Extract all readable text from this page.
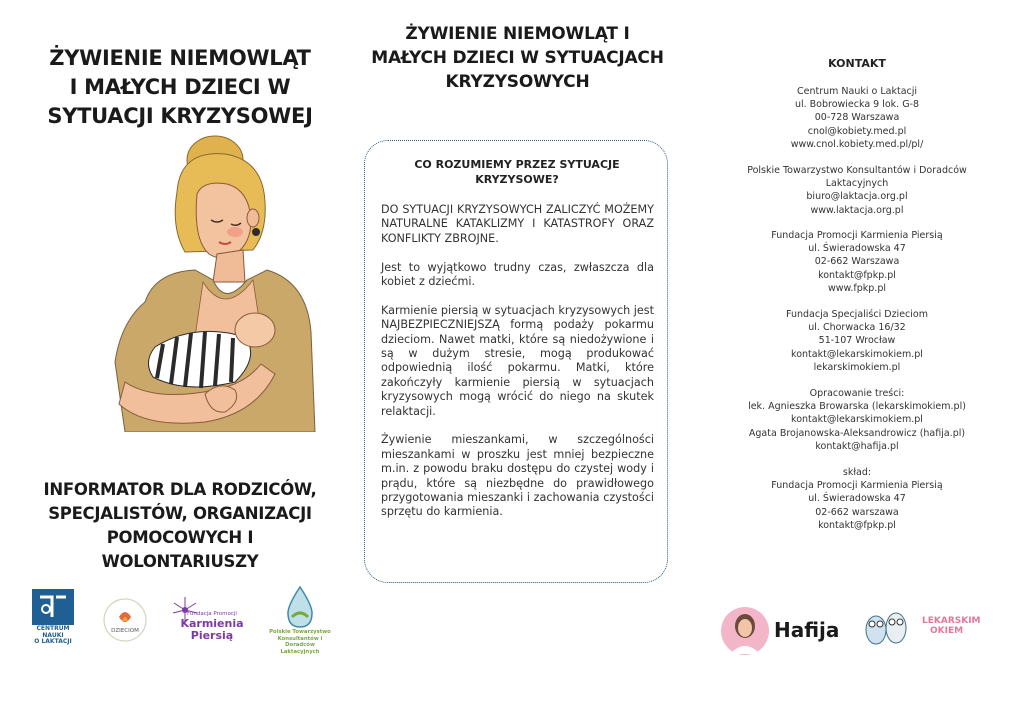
ŻYWIENIE NIEMOWLĄT
I MAŁYCH DZIECI W
SYTUACJI KRYZYSOWEJ
INFORMATOR DLA RODZICÓW,
SPECJALISTÓW, ORGANIZACJI
POMOCOWYCH I WOLONTARIUSZY
CENTRUM
NAUKI
O LAKTACJI
DZIECIOM
Fundacja Promocji
Karmienia
Piersią	Polskie Towarzystwo
Konsultantów i Doradców
Laktacyjnych
ŻYWIENIE NIEMOWLĄT I
MAŁYCH DZIECI W SYTUACJACH
KRYZYSOWYCH
CO ROZUMIEMY PRZEZ SYTUACJE
KRYZYSOWE?

DO SYTUACJI KRYZYSOWYCH ZALICZYĆ MOŻEMY NATURALNE KATAKLIZMY I KATASTROFY ORAZ KONFLIKTY ZBROJNE.

Jest to wyjątkowo trudny czas, zwłaszcza dla kobiet z dziećmi.

Karmienie piersią w sytuacjach kryzysowych jest NAJBEZPIECZNIEJSZĄ formą podaży pokarmu dzieciom. Nawet matki, które są niedożywione i są w dużym stresie, mogą produkować odpowiednią ilość pokarmu. Matki, które zakończyły karmienie piersią w sytuacjach kryzysowych mogą wrócić do niego na skutek relaktacji.

Żywienie mieszankami, w szczególności mieszankami w proszku jest mniej bezpieczne m.in. z powodu braku dostępu do czystej wody i prądu, które są niezbędne do prawidłowego przygotowania mieszanki i zachowania czystości sprzętu do karmienia.

KONTAKT
Centrum Nauki o Laktacji
ul. Bobrowiecka 9 lok. G-8
00-728 Warszawa
cnol@kobiety.med.pl
www.cnol.kobiety.med.pl/pl/
Polskie Towarzystwo Konsultantów i Doradców
Laktacyjnych
biuro@laktacja.org.pl
www.laktacja.org.pl
Fundacja Promocji Karmienia Piersią
ul. Świeradowska 47
02-662 Warszawa
kontakt@fpkp.pl
www.fpkp.pl
Fundacja Specjaliści Dzieciom
ul. Chorwacka 16/32
51-107 Wrocław
kontakt@lekarskimokiem.pl
lekarskimokiem.pl
Opracowanie treści:
lek. Agnieszka Browarska (lekarskimokiem.pl)
kontakt@lekarskimokiem.pl
Agata Brojanowska-Aleksandrowicz (hafija.pl)
kontakt@hafija.pl
skład:
Fundacja Promocji Karmienia Piersią
ul. Świeradowska 47
02-662 warszawa
kontakt@fpkp.pl
Hafija	LEKARSKIM
OKIEM
